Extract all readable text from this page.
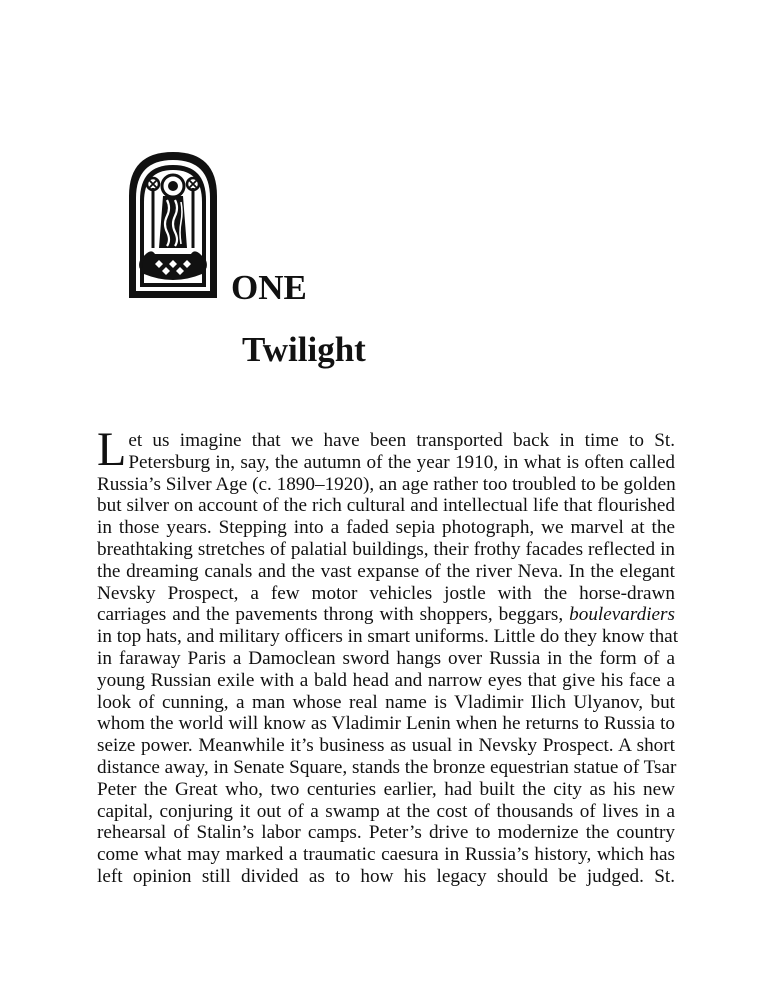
ONE
Twilight
L et us imagine that we have been transported back in time to St.
Petersburg in, say, the autumn of the year 1910, in what is often called
Russia’s Silver Age (c. 1890–1920), an age rather too troubled to be golden
but silver on account of the rich cultural and intellectual life that flourished
in those years. Stepping into a faded sepia photograph, we marvel at the
breathtaking stretches of palatial buildings, their frothy facades reflected in
the dreaming canals and the vast expanse of the river Neva. In the elegant
Nevsky Prospect, a few motor vehicles jostle with the horse-drawn
carriages and the pavements throng with shoppers, beggars, boulevardiers
in top hats, and military officers in smart uniforms. Little do they know that
in faraway Paris a Damoclean sword hangs over Russia in the form of a
young Russian exile with a bald head and narrow eyes that give his face a
look of cunning, a man whose real name is Vladimir Ilich Ulyanov, but
whom the world will know as Vladimir Lenin when he returns to Russia to
seize power. Meanwhile it’s business as usual in Nevsky Prospect. A short
distance away, in Senate Square, stands the bronze equestrian statue of Tsar
Peter the Great who, two centuries earlier, had built the city as his new
capital, conjuring it out of a swamp at the cost of thousands of lives in a
rehearsal of Stalin’s labor camps. Peter’s drive to modernize the country
come what may marked a traumatic caesura in Russia’s history, which has
left opinion still divided as to how his legacy should be judged. St.
